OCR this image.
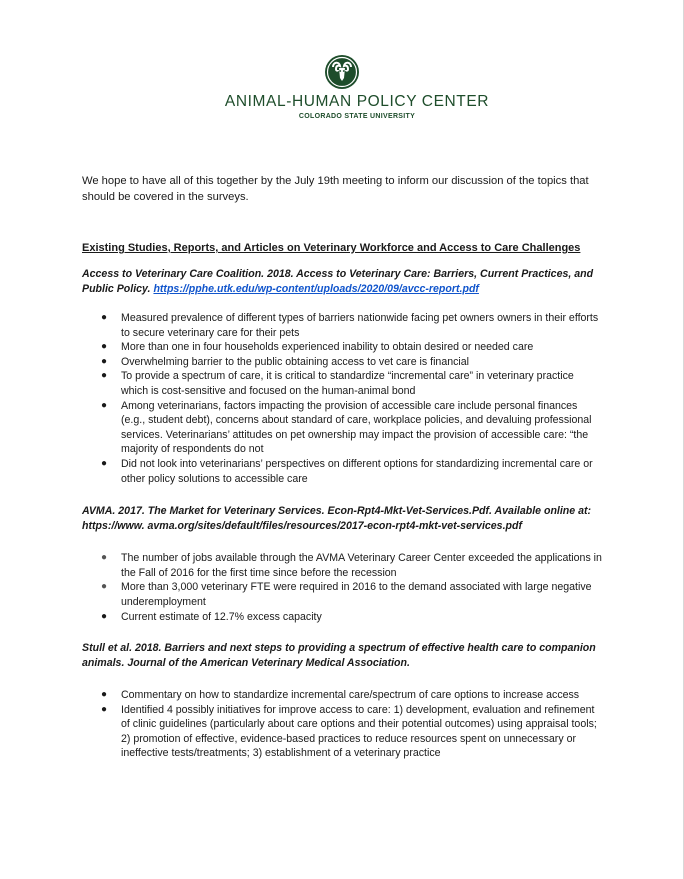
ANIMAL-HUMAN POLICY CENTER
COLORADO STATE UNIVERSITY

We hope to have all of this together by the July 19th meeting to inform our discussion of the topics that should be covered in the surveys.

Existing Studies, Reports, and Articles on Veterinary Workforce and Access to Care Challenges

Access to Veterinary Care Coalition. 2018. Access to Veterinary Care: Barriers, Current Practices, and Public Policy. https://pphe.utk.edu/wp-content/uploads/2020/09/avcc-report.pdf

● Measured prevalence of different types of barriers nationwide facing pet owners owners in their efforts to secure veterinary care for their pets
● More than one in four households experienced inability to obtain desired or needed care
● Overwhelming barrier to the public obtaining access to vet care is financial
● To provide a spectrum of care, it is critical to standardize “incremental care” in veterinary practice which is cost-sensitive and focused on the human-animal bond
● Among veterinarians, factors impacting the provision of accessible care include personal finances (e.g., student debt), concerns about standard of care, workplace policies, and devaluing professional services. Veterinarians’ attitudes on pet ownership may impact the provision of accessible care: “the majority of respondents do not
● Did not look into veterinarians’ perspectives on different options for standardizing incremental care or other policy solutions to accessible care

AVMA. 2017. The Market for Veterinary Services. Econ-Rpt4-Mkt-Vet-Services.Pdf. Available online at: https://www. avma.org/sites/default/files/resources/2017-econ-rpt4-mkt-vet-services.pdf

● The number of jobs available through the AVMA Veterinary Career Center exceeded the applications in the Fall of 2016 for the first time since before the recession
● More than 3,000 veterinary FTE were required in 2016 to the demand associated with large negative underemployment
● Current estimate of 12.7% excess capacity

Stull et al. 2018. Barriers and next steps to providing a spectrum of effective health care to companion animals. Journal of the American Veterinary Medical Association.

● Commentary on how to standardize incremental care/spectrum of care options to increase access
● Identified 4 possibly initiatives for improve access to care: 1) development, evaluation and refinement of clinic guidelines (particularly about care options and their potential outcomes) using appraisal tools; 2) promotion of effective, evidence-based practices to reduce resources spent on unnecessary or ineffective tests/treatments; 3) establishment of a veterinary practice
